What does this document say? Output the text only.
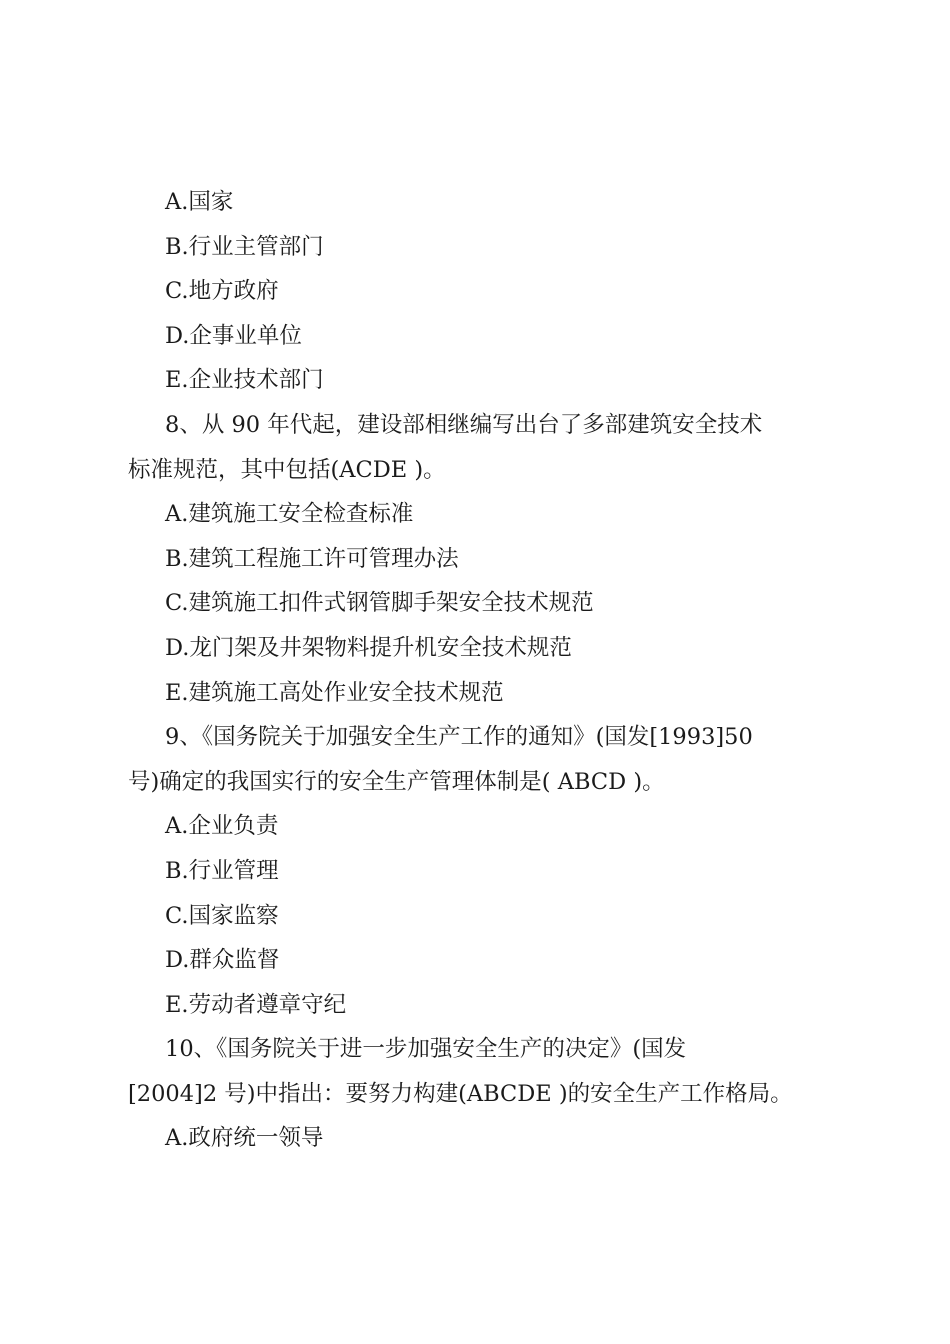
A.国家
B.行业主管部门
C.地方政府
D.企事业单位
E.企业技术部门
8、从 90 年代起，建设部相继编写出台了多部建筑安全技术
标准规范，其中包括(ACDE )。
A.建筑施工安全检查标准
B.建筑工程施工许可管理办法
C.建筑施工扣件式钢管脚手架安全技术规范
D.龙门架及井架物料提升机安全技术规范
E.建筑施工高处作业安全技术规范
9、《国务院关于加强安全生产工作的通知》(国发[1993]50
号)确定的我国实行的安全生产管理体制是( ABCD )。
A.企业负责
B.行业管理
C.国家监察
D.群众监督
E.劳动者遵章守纪
10、《国务院关于进一步加强安全生产的决定》(国发
[2004]2 号)中指出：要努力构建(ABCDE )的安全生产工作格局。
A.政府统一领导
